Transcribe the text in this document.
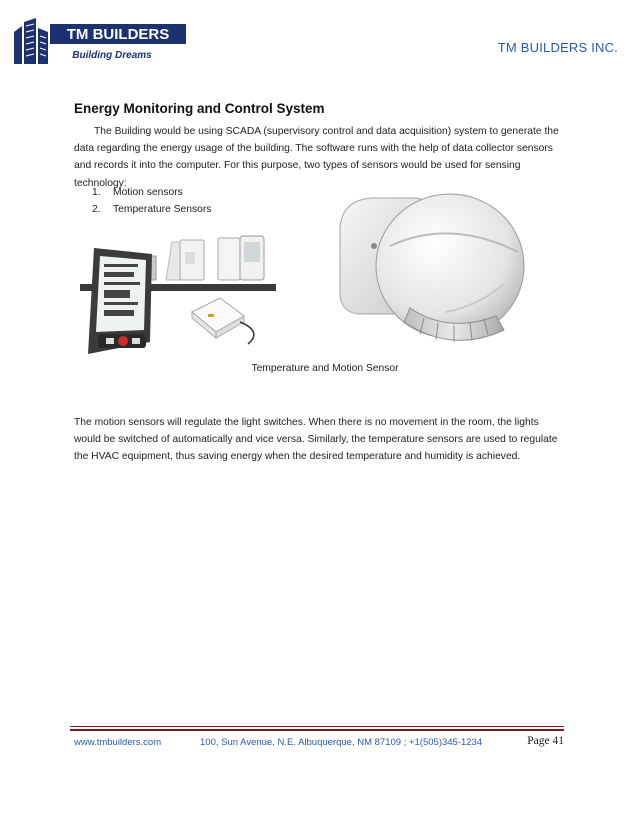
TM BUILDERS
Building Dreams
TM BUILDERS INC.
Energy Monitoring and Control System
The Building would be using SCADA (supervisory control and data acquisition) system to generate the data regarding the energy usage of the building. The software runs with the help of data collector sensors and records it into the computer. For this purpose, two types of sensors would be used for sensing technology:
1. Motion sensors
2. Temperature Sensors
Temperature and Motion Sensor
The motion sensors will regulate the light switches. When there is no movement in the room, the lights would be switched of automatically and vice versa. Similarly, the temperature sensors are used to regulate the HVAC equipment, thus saving energy when the desired temperature and humidity is achieved.
www.tmbuilders.com	100, Sun Avenue, N.E. Albuquerque, NM 87109 ; +1(505)345-1234	Page 41
